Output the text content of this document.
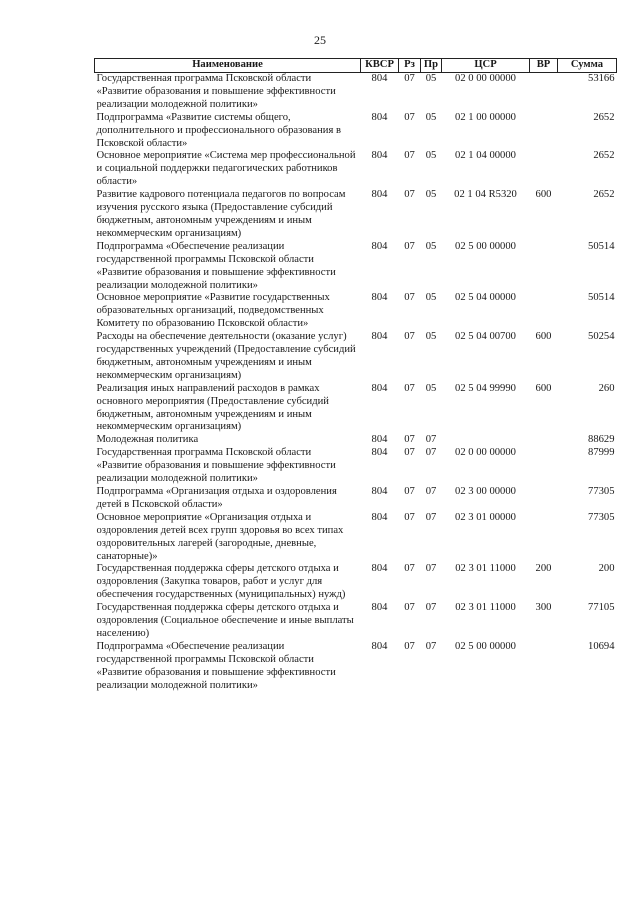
25
Наименование	КВСР	Рз	Пр	ЦСР	ВР	Сумма
Государственная программа Псковской области «Развитие образования и повышение эффективности реализации молодежной политики»	804	07	05	02 0 00 00000		53166
Подпрограмма «Развитие системы общего, дополнительного и профессионального образования в Псковской области»	804	07	05	02 1 00 00000		2652
Основное мероприятие «Система мер профессиональной и социальной поддержки педагогических работников области»	804	07	05	02 1 04 00000		2652
Развитие кадрового потенциала педагогов по вопросам изучения русского языка (Предоставление субсидий бюджетным, автономным учреждениям и иным некоммерческим организациям)	804	07	05	02 1 04 R5320	600	2652
Подпрограмма «Обеспечение реализации государственной программы Псковской области «Развитие образования и повышение эффективности реализации молодежной политики»	804	07	05	02 5 00 00000		50514
Основное мероприятие «Развитие государственных образовательных организаций, подведомственных Комитету по образованию Псковской области»	804	07	05	02 5 04 00000		50514
Расходы на обеспечение деятельности (оказание услуг) государственных учреждений (Предоставление субсидий бюджетным, автономным учреждениям и иным некоммерческим организациям)	804	07	05	02 5 04 00700	600	50254
Реализация иных направлений расходов в рамках основного мероприятия (Предоставление субсидий бюджетным, автономным учреждениям и иным некоммерческим организациям)	804	07	05	02 5 04 99990	600	260
Молодежная политика	804	07	07			88629
Государственная программа Псковской области «Развитие образования и повышение эффективности реализации молодежной политики»	804	07	07	02 0 00 00000		87999
Подпрограмма «Организация отдыха и оздоровления детей в Псковской области»	804	07	07	02 3 00 00000		77305
Основное мероприятие «Организация отдыха и оздоровления детей всех групп здоровья во всех типах оздоровительных лагерей (загородные, дневные, санаторные)»	804	07	07	02 3 01 00000		77305
Государственная поддержка сферы детского отдыха и оздоровления (Закупка товаров, работ и услуг для обеспечения государственных (муниципальных) нужд)	804	07	07	02 3 01 11000	200	200
Государственная поддержка сферы детского отдыха и оздоровления (Социальное обеспечение и иные выплаты населению)	804	07	07	02 3 01 11000	300	77105
Подпрограмма «Обеспечение реализации государственной программы Псковской области «Развитие образования и повышение эффективности реализации молодежной политики»	804	07	07	02 5 00 00000		10694
